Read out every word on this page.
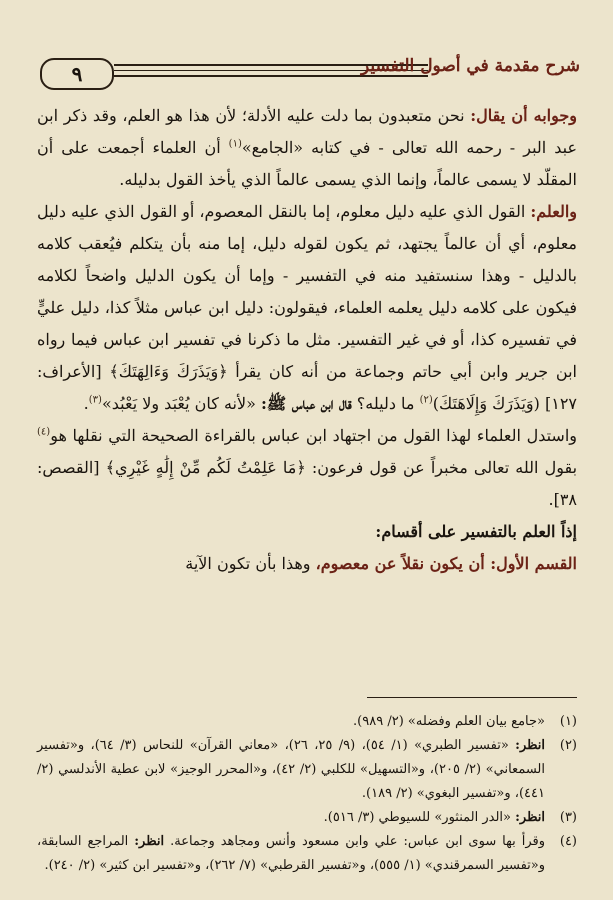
٩	شرح مقدمة في أصول التفسير

وجوابه أن يقال: نحن متعبدون بما دلت عليه الأدلة؛ لأن هذا هو العلم، وقد ذكر ابن عبد البر - رحمه الله تعالى - في كتابه «الجامع»$^{(١)}$ أن العلماء أجمعت على أن المقلّد لا يسمى عالماً، وإنما الذي يسمى عالماً الذي يأخذ القول بدليله.

والعلم: القول الذي عليه دليل معلوم، إما بالنقل المعصوم، أو القول الذي عليه دليل معلوم، أي أن عالماً يجتهد، ثم يكون لقوله دليل، إما منه بأن يتكلم فيُعقب كلامه بالدليل - وهذا سنستفيد منه في التفسير - وإما أن يكون الدليل واضحاً لكلامه فيكون على كلامه دليل يعلمه العلماء، فيقولون: دليل ابن عباس مثلاً كذا، دليل عليٍّ في تفسيره كذا، أو في غير التفسير. مثل ما ذكرنا في تفسير ابن عباس فيما رواه ابن جرير وابن أبي حاتم وجماعة من أنه كان يقرأ ﴿وَيَذَرَكَ وَءَالِهَتَكَ﴾ [الأعراف: ١٢٧] (وَيَذَرَكَ وَإِلَاهَتَكَ)$^{(٢)}$ ما دليله؟ قال ابن عباس ﷺ: «لأنه كان يُعْبَد ولا يَعْبُد»$^{(٣)}$.

واستدل العلماء لهذا القول من اجتهاد ابن عباس بالقراءة الصحيحة التي نقلها هو$^{(٤)}$ بقول الله تعالى مخبراً عن قول فرعون: ﴿مَا عَلِمْتُ لَكُم مِّنْ إِلَٰهٍ غَيْرِي﴾ [القصص: ٣٨].

إذاً العلم بالتفسير على أقسام:

القسم الأول: أن يكون نقلاً عن معصوم، وهذا بأن تكون الآية

(١)
«جامع بيان العلم وفضله» (٢/ ٩٨٩).

(٢)
انظر: «تفسير الطبري» (١/ ٥٤)، (٩/ ٢٥، ٢٦)، «معاني القرآن» للنحاس (٣/ ٦٤)، و«تفسير السمعاني» (٢/ ٢٠٥)، و«التسهيل» للكلبي (٢/ ٤٢)، و«المحرر الوجيز» لابن عطية الأندلسي (٢/ ٤٤١)، و«تفسير البغوي» (٢/ ١٨٩).

(٣)
انظر: «الدر المنثور» للسيوطي (٣/ ٥١٦).

(٤)
وقرأ بها سوى ابن عباس: علي وابن مسعود وأنس ومجاهد وجماعة. انظر: المراجع السابقة، و«تفسير السمرقندي» (١/ ٥٥٥)، و«تفسير القرطبي» (٧/ ٢٦٢)، و«تفسير ابن كثير» (٢/ ٢٤٠).
